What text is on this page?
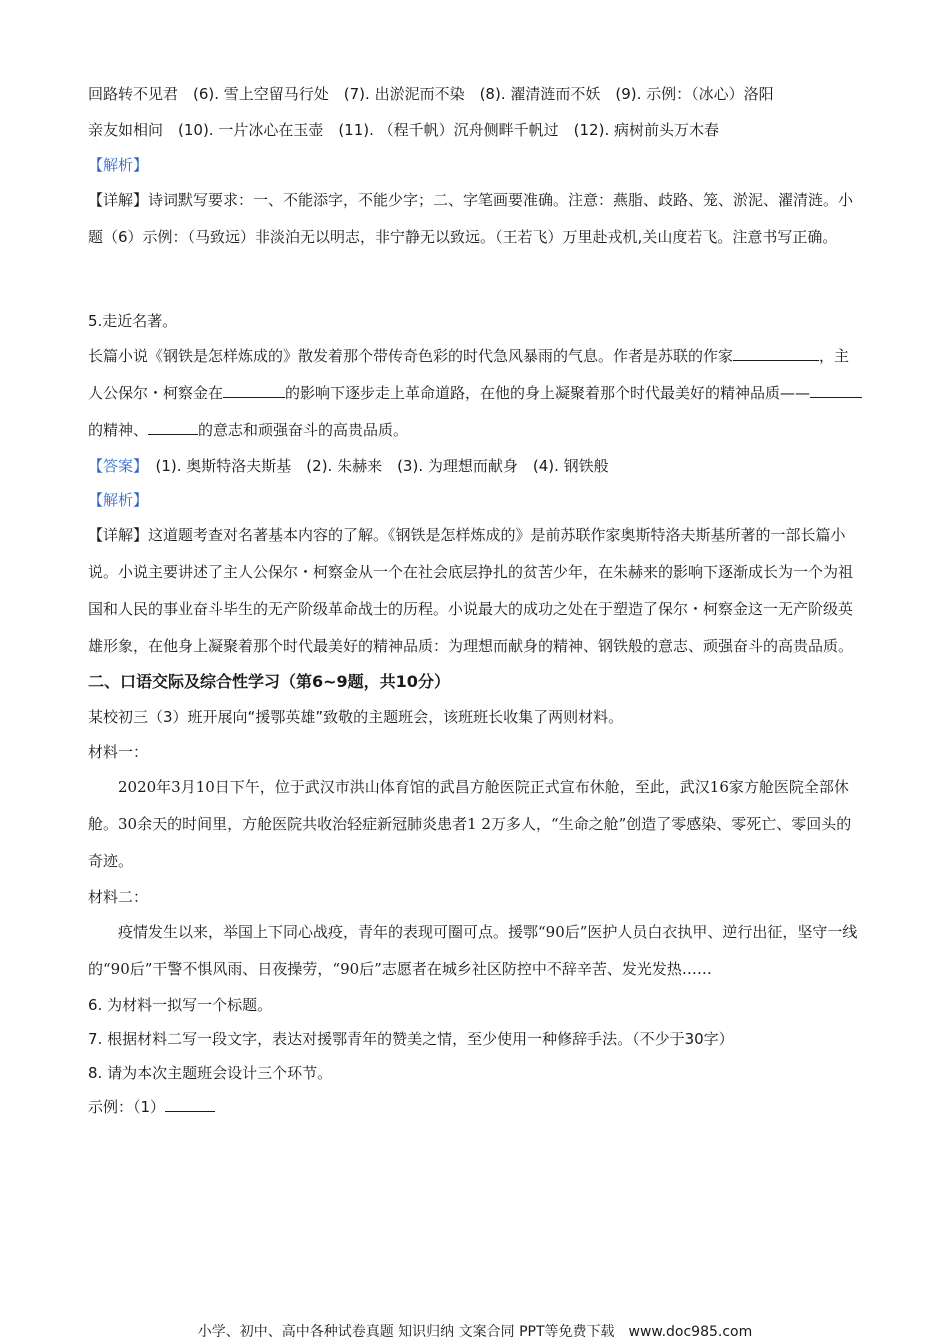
回路转不见君　(6). 雪上空留马行处　(7). 出淤泥而不染　(8). 濯清涟而不妖　(9). 示例：（冰心）洛阳

亲友如相问　(10). 一片冰心在玉壶　(11). （程千帆）沉舟侧畔千帆过　(12). 病树前头万木春

【解析】

【详解】诗词默写要求：一、不能添字，不能少字；二、字笔画要准确。注意：燕脂、歧路、笼、淤泥、濯清涟。小题（6）示例：（马致远）非淡泊无以明志，非宁静无以致远。（王若飞）万里赴戎机,关山度若飞。注意书写正确。

5.走近名著。

长篇小说《钢铁是怎样炼成的》散发着那个带传奇色彩的时代急风暴雨的气息。作者是苏联的作家	，主人公保尔・柯察金在	的影响下逐步走上革命道路，在他的身上凝聚着那个时代最美好的精神品质——的精神、	的意志和顽强奋斗的高贵品质。

【答案】　(1). 奥斯特洛夫斯基　(2). 朱赫来　(3). 为理想而献身　(4). 钢铁般

【解析】

【详解】这道题考查对名著基本内容的了解。《钢铁是怎样炼成的》是前苏联作家奥斯特洛夫斯基所著的一部长篇小说。小说主要讲述了主人公保尔・柯察金从一个在社会底层挣扎的贫苦少年，在朱赫来的影响下逐渐成长为一个为祖国和人民的事业奋斗毕生的无产阶级革命战士的历程。小说最大的成功之处在于塑造了保尔・柯察金这一无产阶级英雄形象，在他身上凝聚着那个时代最美好的精神品质：为理想而献身的精神、钢铁般的意志、顽强奋斗的高贵品质。

二、口语交际及综合性学习（第6~9题，共10分）

某校初三（3）班开展向“援鄂英雄”致敬的主题班会，该班班长收集了两则材料。

材料一：

2020年3月10日下午，位于武汉市洪山体育馆的武昌方舱医院正式宣布休舱，至此，武汉16家方舱医院全部休舱。30余天的时间里，方舱医院共收治轻症新冠肺炎患者1 2万多人，“生命之舱”创造了零感染、零死亡、零回头的奇迹。

材料二：

疫情发生以来，举国上下同心战疫，青年的表现可圈可点。援鄂“90后”医护人员白衣执甲、逆行出征，坚守一线的“90后”干警不惧风雨、日夜操劳，“90后”志愿者在城乡社区防控中不辞辛苦、发光发热……

6. 为材料一拟写一个标题。

7. 根据材料二写一段文字，表达对援鄂青年的赞美之情，至少使用一种修辞手法。（不少于30字）

8. 请为本次主题班会设计三个环节。

示例：（1）

小学、初中、高中各种试卷真题 知识归纳 文案合同 PPT等免费下载　www.doc985.com
